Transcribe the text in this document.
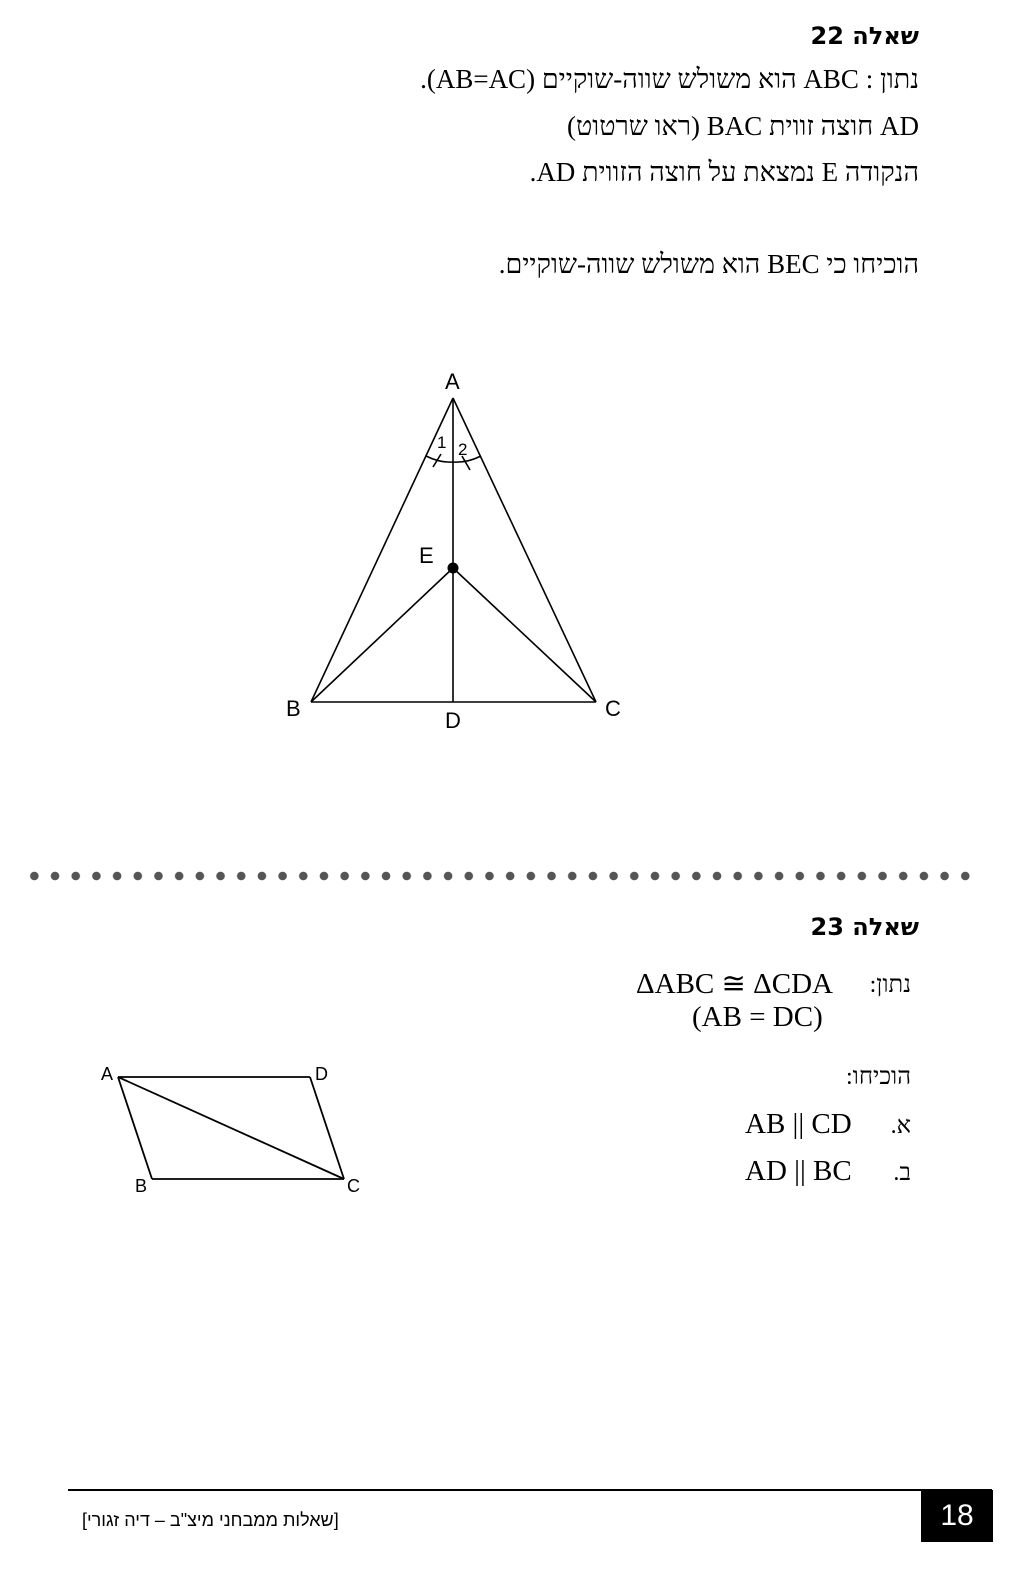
שאלה 22
נתון : ABC הוא משולש שווה-שוקיים (AB=AC).
AD חוצה זווית BAC (ראו שרטוט)
הנקודה E נמצאת על חוצה הזווית AD.
הוכיחו כי BEC הוא משולש שווה-שוקיים.
A
B	C
D
E
1 2
שאלה 23
נתון:
ΔABC ≅ ΔCDA
(AB = DC)
הוכיחו:
א.
AB || CD
ב.
AD || BC
A	D
B	C
[שאלות ממבחני מיצ"ב – דיה זגורי]	18
